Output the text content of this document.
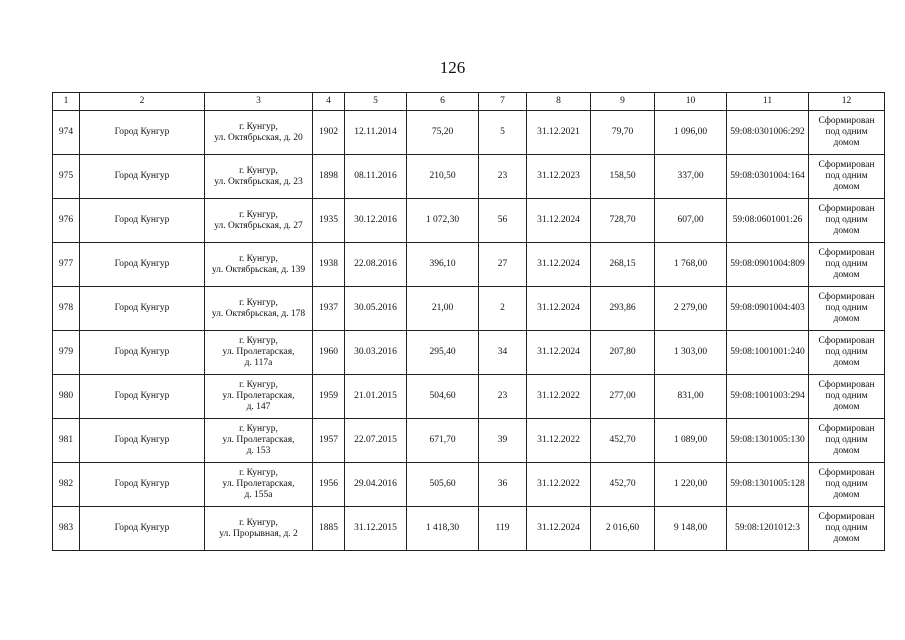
126
1	2	3	4	5	6	7	8	9	10	11	12
974	Город Кунгур	г. Кунгур,
ул. Октябрьская, д. 20	1902	12.11.2014	75,20	5	31.12.2021	79,70	1 096,00	59:08:0301006:292	Сформирован
под одним
домом
975	Город Кунгур	г. Кунгур,
ул. Октябрьская, д. 23	1898	08.11.2016	210,50	23	31.12.2023	158,50	337,00	59:08:0301004:164	Сформирован
под одним
домом
976	Город Кунгур	г. Кунгур,
ул. Октябрьская, д. 27	1935	30.12.2016	1 072,30	56	31.12.2024	728,70	607,00	59:08:0601001:26	Сформирован
под одним
домом
977	Город Кунгур	г. Кунгур,
ул. Октябрьская, д. 139	1938	22.08.2016	396,10	27	31.12.2024	268,15	1 768,00	59:08:0901004:809	Сформирован
под одним
домом
978	Город Кунгур	г. Кунгур,
ул. Октябрьская, д. 178	1937	30.05.2016	21,00	2	31.12.2024	293,86	2 279,00	59:08:0901004:403	Сформирован
под одним
домом
979	Город Кунгур	г. Кунгур,
ул. Пролетарская,
д. 117а	1960	30.03.2016	295,40	34	31.12.2024	207,80	1 303,00	59:08:1001001:240	Сформирован
под одним
домом
980	Город Кунгур	г. Кунгур,
ул. Пролетарская,
д. 147	1959	21.01.2015	504,60	23	31.12.2022	277,00	831,00	59:08:1001003:294	Сформирован
под одним
домом
981	Город Кунгур	г. Кунгур,
ул. Пролетарская,
д. 153	1957	22.07.2015	671,70	39	31.12.2022	452,70	1 089,00	59:08:1301005:130	Сформирован
под одним
домом
982	Город Кунгур	г. Кунгур,
ул. Пролетарская,
д. 155а	1956	29.04.2016	505,60	36	31.12.2022	452,70	1 220,00	59:08:1301005:128	Сформирован
под одним
домом
983	Город Кунгур	г. Кунгур,
ул. Прорывная, д. 2	1885	31.12.2015	1 418,30	119	31.12.2024	2 016,60	9 148,00	59:08:1201012:3	Сформирован
под одним
домом
